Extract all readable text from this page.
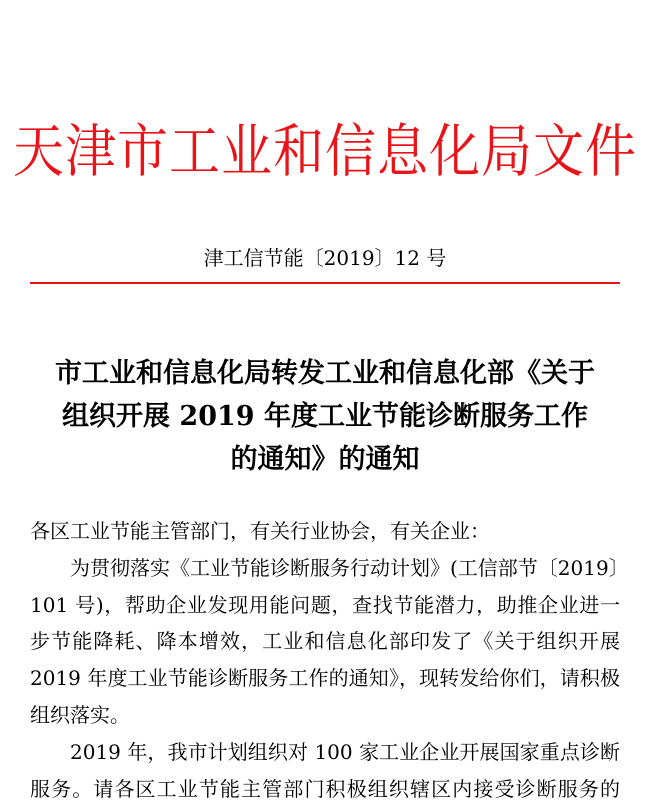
天津市工业和信息化局文件
津工信节能〔2019〕12 号
市工业和信息化局转发工业和信息化部《关于
组织开展 2019 年度工业节能诊断服务工作
的通知》的通知
各区工业节能主管部门，有关行业协会，有关企业：
为贯彻落实《工业节能诊断服务行动计划》(工信部节〔2019〕
101 号)，帮助企业发现用能问题，查找节能潜力，助推企业进一
步节能降耗、降本增效，工业和信息化部印发了《关于组织开展
2019 年度工业节能诊断服务工作的通知》，现转发给你们，请积极
组织落实。
2019 年，我市计划组织对 100 家工业企业开展国家重点诊断
服务。请各区工业节能主管部门积极组织辖区内接受诊断服务的
